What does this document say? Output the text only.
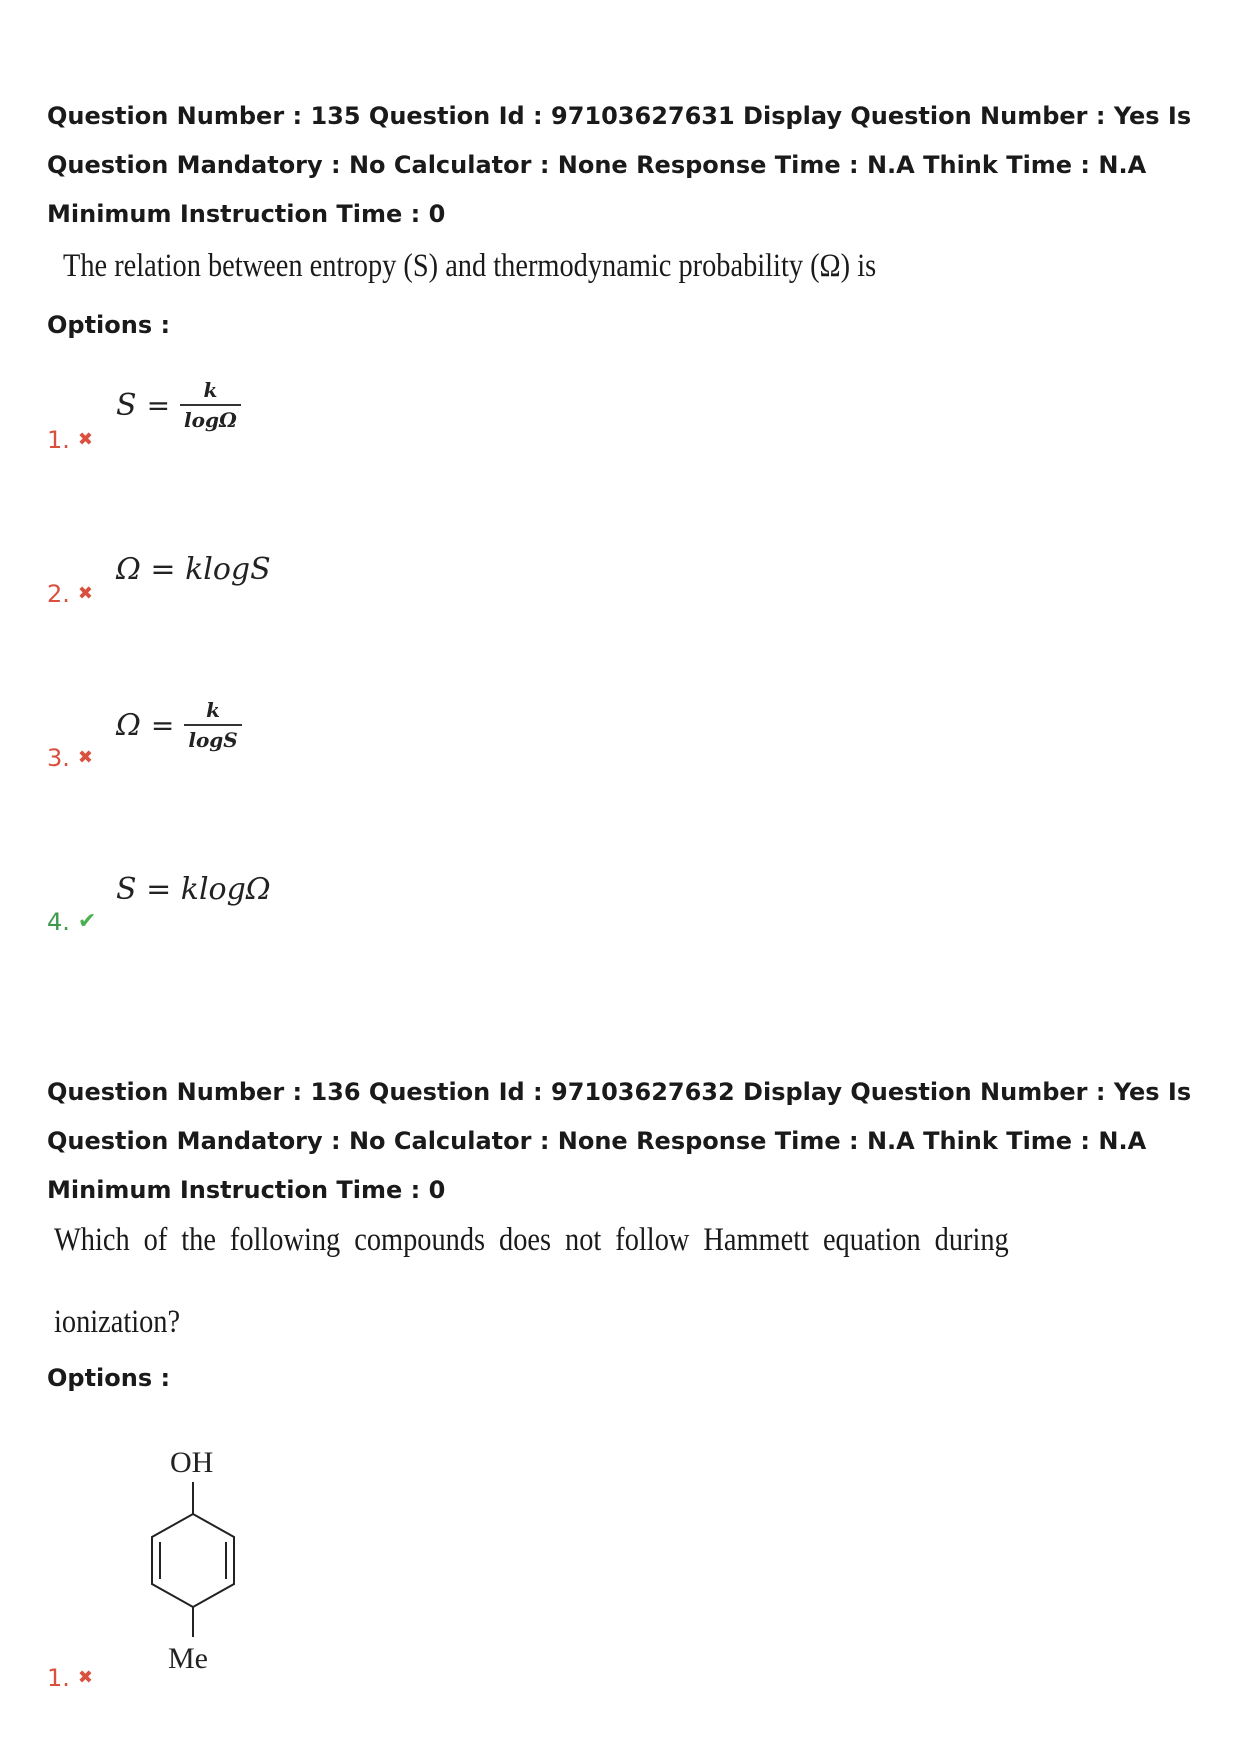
Question Number : 135 Question Id : 97103627631 Display Question Number : Yes Is Question Mandatory : No Calculator : None Response Time : N.A Think Time : N.A Minimum Instruction Time : 0
The relation between entropy (S) and thermodynamic probability (Ω) is
Options :
$S = \frac{k}{\log\Omega}$
1. ✖
Ω = klogS
2. ✖
$\Omega = \frac{k}{\log S}$
3. ✖
S = klogΩ
4. ✔
Question Number : 136 Question Id : 97103627632 Display Question Number : Yes Is Question Mandatory : No Calculator : None Response Time : N.A Think Time : N.A Minimum Instruction Time : 0
Which of the following compounds does not follow Hammett equation during
ionization?
Options :
OH
Me
1. ✖
